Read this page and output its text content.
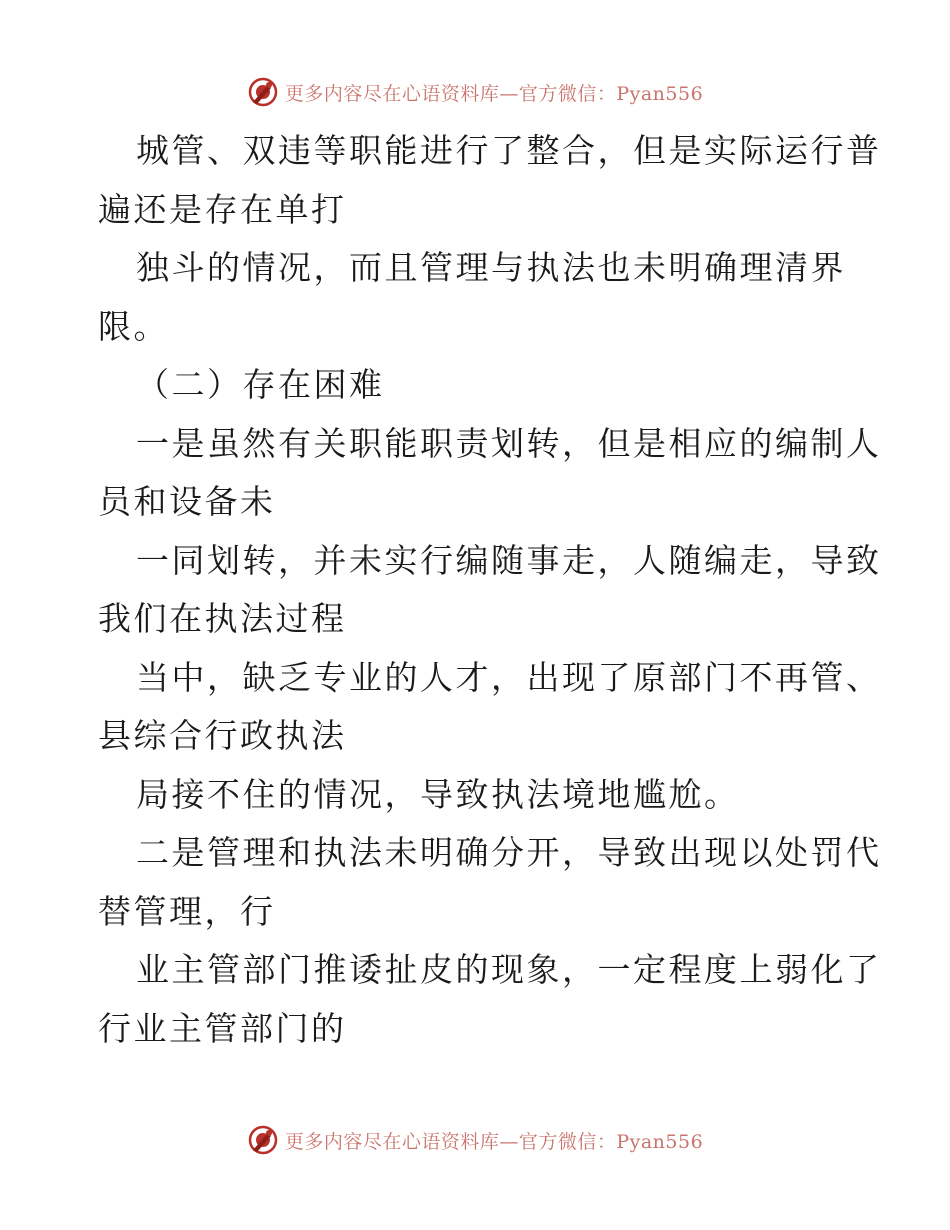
更多内容尽在心语资料库—官方微信：Pyan556

城管、双违等职能进行了整合，但是实际运行普
遍还是存在单打

独斗的情况，而且管理与执法也未明确理清界
限。

（二）存在困难

一是虽然有关职能职责划转，但是相应的编制人
员和设备未

一同划转，并未实行编随事走，人随编走，导致
我们在执法过程

当中，缺乏专业的人才，出现了原部门不再管、
县综合行政执法

局接不住的情况，导致执法境地尴尬。

二是管理和执法未明确分开，导致出现以处罚代
替管理，行

业主管部门推诿扯皮的现象，一定程度上弱化了
行业主管部门的

更多内容尽在心语资料库—官方微信：Pyan556
